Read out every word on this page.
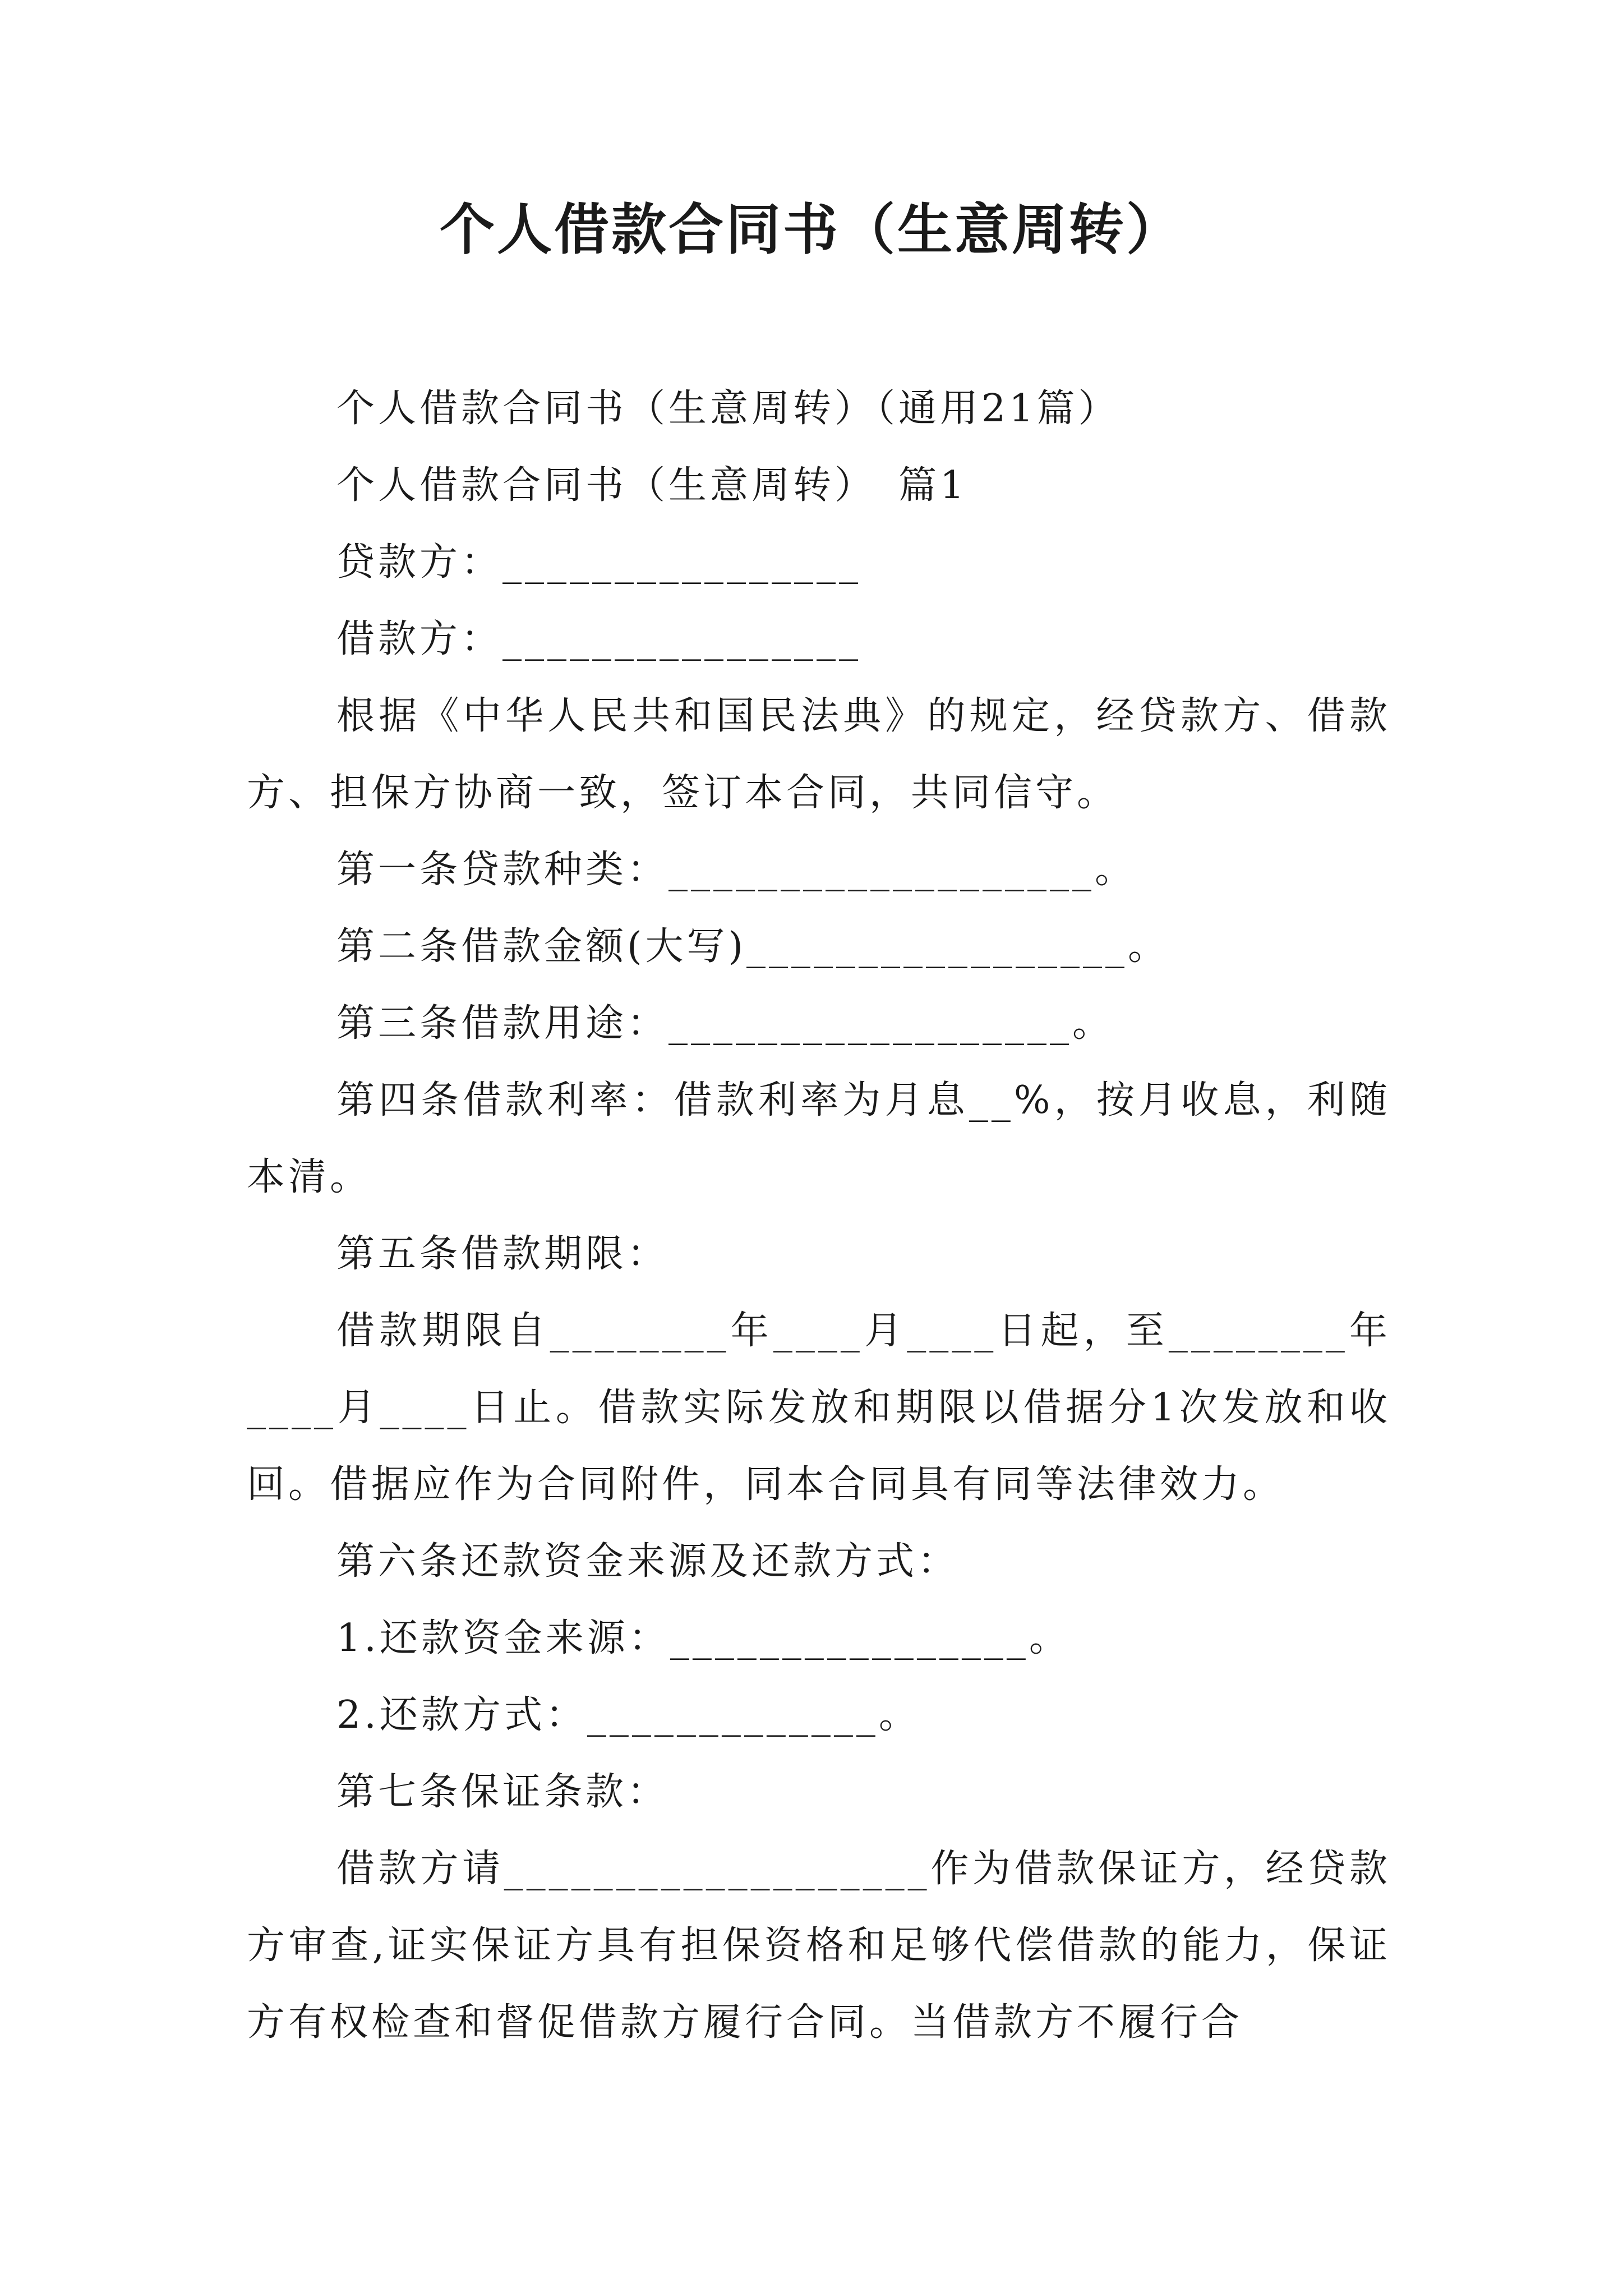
个人借款合同书（生意周转）

个人借款合同书（生意周转）（通用21篇）

个人借款合同书（生意周转）　篇1

贷款方：________________

借款方：________________

根据《中华人民共和国民法典》的规定，经贷款方、借款方、担保方协商一致，签订本合同，共同信守。

第一条贷款种类：___________________。

第二条借款金额(大写)_________________。

第三条借款用途：__________________。

第四条借款利率：借款利率为月息__%，按月收息，利随本清。

第五条借款期限：

借款期限自________年____月____日起，至________年____月____日止。借款实际发放和期限以借据分1次发放和收回。借据应作为合同附件，同本合同具有同等法律效力。

第六条还款资金来源及还款方式：

1.还款资金来源：________________。

2.还款方式：_____________。

第七条保证条款：

借款方请___________________作为借款保证方，经贷款方审查,证实保证方具有担保资格和足够代偿借款的能力，保证方有权检查和督促借款方履行合同。当借款方不履行合
